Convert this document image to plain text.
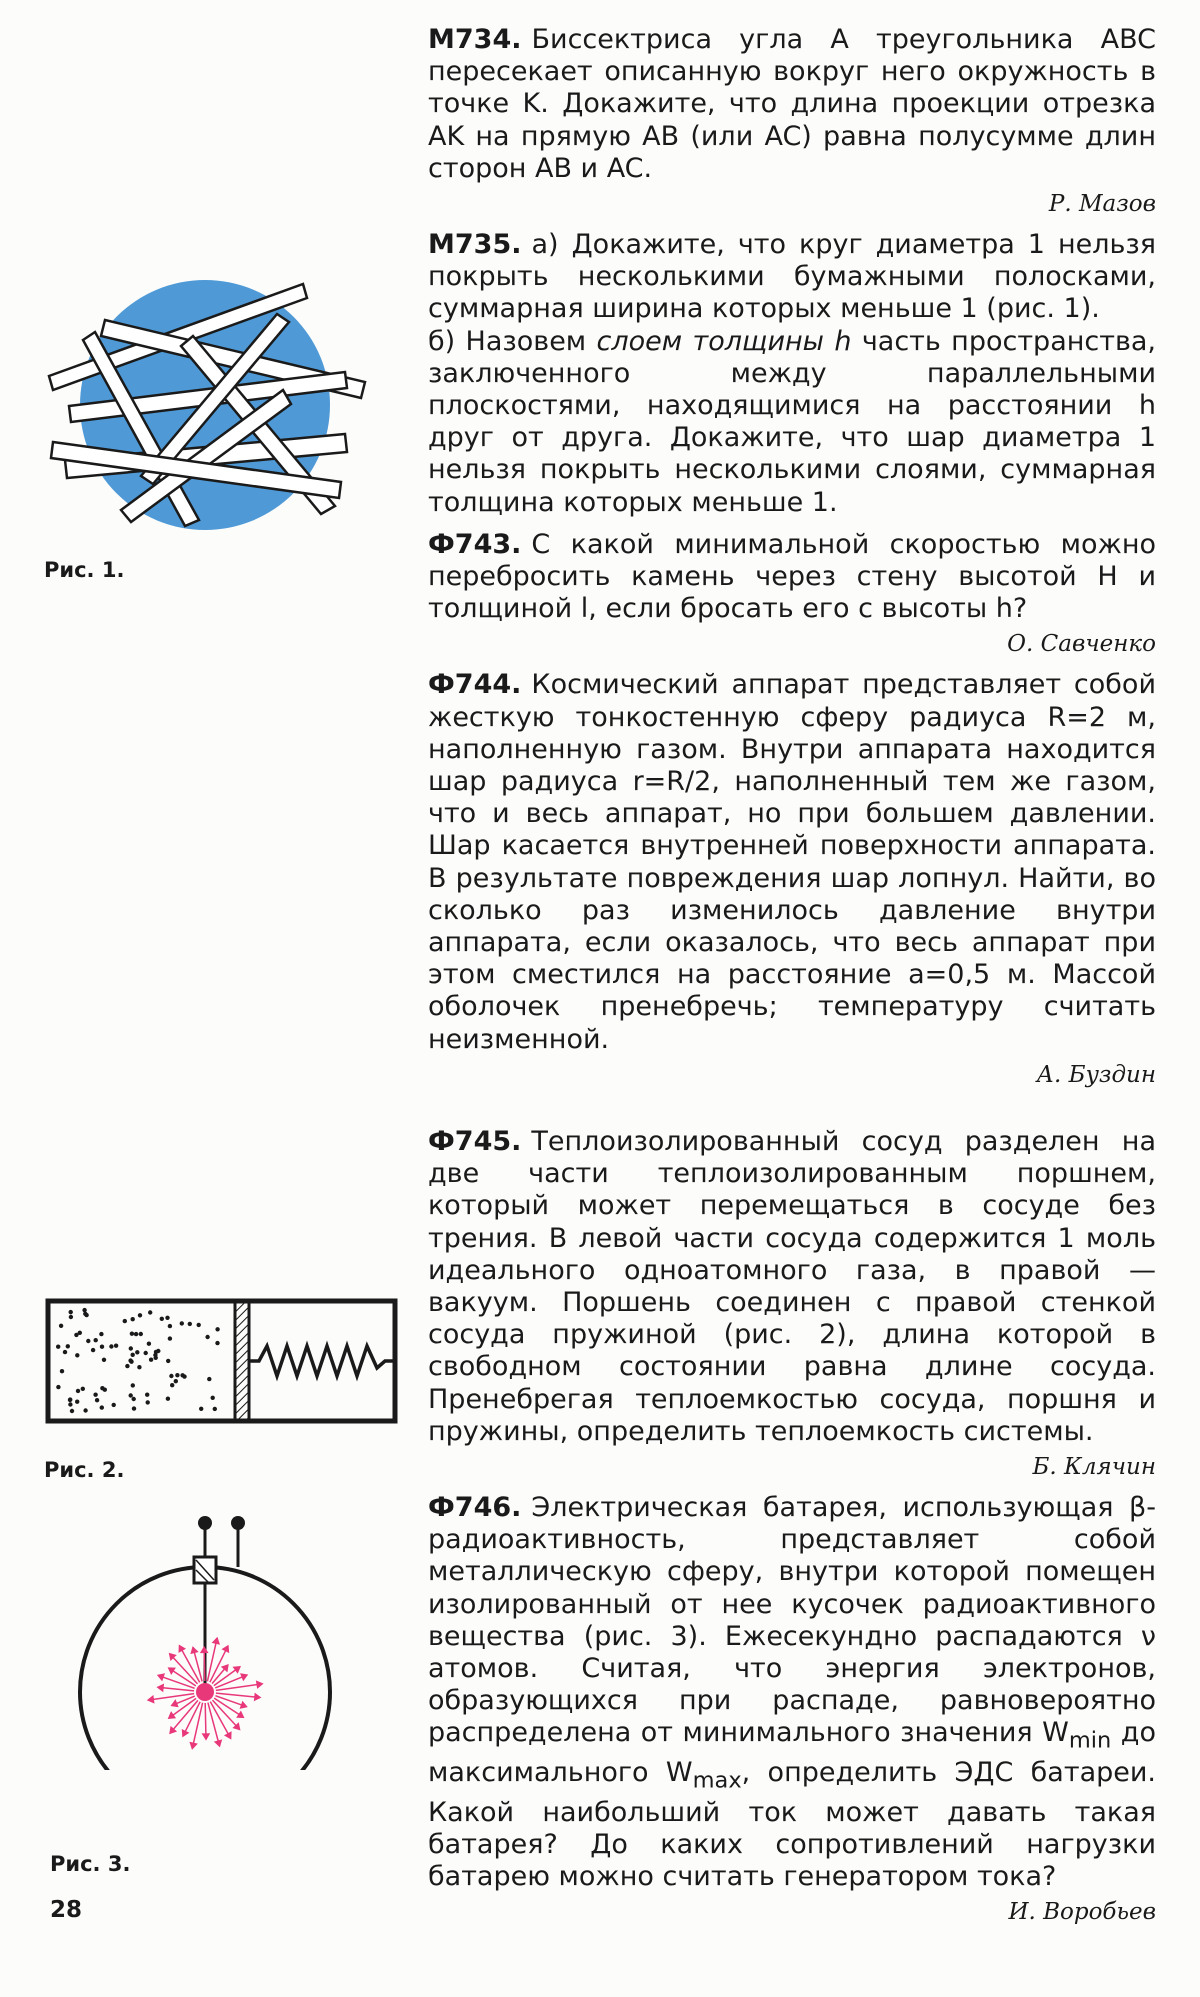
Рис. 1.
Рис. 2.
Рис. 3.

М734. Биссектриса угла A треугольника ABC пересекает описанную вокруг него окружность в точке K. Докажите, что длина проекции отрезка AK на прямую AB (или AC) равна полусумме длин сторон AB и AC.

Р. Мазов

М735. а) Докажите, что круг диаметра 1 нельзя покрыть несколькими бумажными полосками, суммарная ширина которых меньше 1 (рис. 1).
б) Назовем слоем толщины h часть пространства, заключенного между параллельными плоскостями, находящимися на расстоянии h друг от друга. Докажите, что шар диаметра 1 нельзя покрыть несколькими слоями, суммарная толщина которых меньше 1.

Ф743. С какой минимальной скоростью можно перебросить камень через стену высотой H и толщиной l, если бросать его с высоты h?

О. Савченко

Ф744. Космический аппарат представляет собой жесткую тонкостенную сферу радиуса R=2 м, наполненную газом. Внутри аппарата находится шар радиуса r=R/2, наполненный тем же газом, что и весь аппарат, но при большем давлении. Шар касается внутренней поверхности аппарата. В результате повреждения шар лопнул. Найти, во сколько раз изменилось давление внутри аппарата, если оказалось, что весь аппарат при этом сместился на расстояние a=0,5 м. Массой оболочек пренебречь; температуру считать неизменной.

А. Буздин

Ф745. Теплоизолированный сосуд разделен на две части теплоизолированным поршнем, который может перемещаться в сосуде без трения. В левой части сосуда содержится 1 моль идеального одноатомного газа, в правой — вакуум. Поршень соединен с правой стенкой сосуда пружиной (рис. 2), длина которой в свободном состоянии равна длине сосуда. Пренебрегая теплоемкостью сосуда, поршня и пружины, определить теплоемкость системы.

Б. Клячин

Ф746. Электрическая батарея, использующая β-радиоактивность, представляет собой металлическую сферу, внутри которой помещен изолированный от нее кусочек радиоактивного вещества (рис. 3). Ежесекундно распадаются ν атомов. Считая, что энергия электронов, образующихся при распаде, равновероятно распределена от минимального значения $W_{min}$ до максимального $W_{max}$, определить ЭДС батареи. Какой наибольший ток может давать такая батарея? До каких сопротивлений нагрузки батарею можно считать генератором тока?

И. Воробьев

28
